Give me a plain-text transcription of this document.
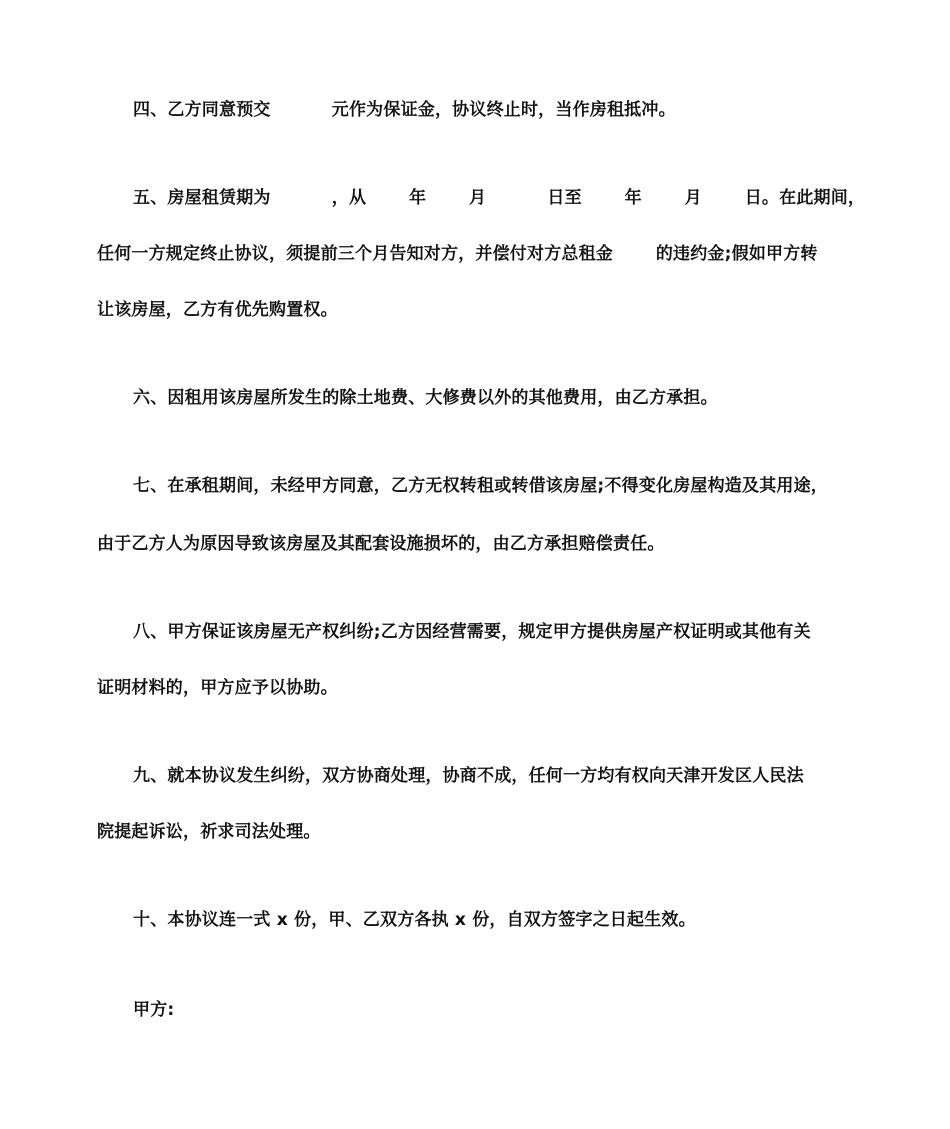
四、乙方同意预交          元作为保证金，协议终止时，当作房租抵冲。
五、房屋租赁期为          ，从       年       月          日至       年       月       日。在此期间，
任何一方规定终止协议，须提前三个月告知对方，并偿付对方总租金       的违约金;假如甲方转
让该房屋，乙方有优先购置权。
六、因租用该房屋所发生的除土地费、大修费以外的其他费用，由乙方承担。
七、在承租期间，未经甲方同意，乙方无权转租或转借该房屋;不得变化房屋构造及其用途，
由于乙方人为原因导致该房屋及其配套设施损坏的，由乙方承担赔偿责任。
八、甲方保证该房屋无产权纠纷;乙方因经营需要，规定甲方提供房屋产权证明或其他有关
证明材料的，甲方应予以协助。
九、就本协议发生纠纷，双方协商处理，协商不成，任何一方均有权向天津开发区人民法
院提起诉讼，祈求司法处理。
十、本协议连一式 x 份，甲、乙双方各执 x 份，自双方签字之日起生效。
甲方:
